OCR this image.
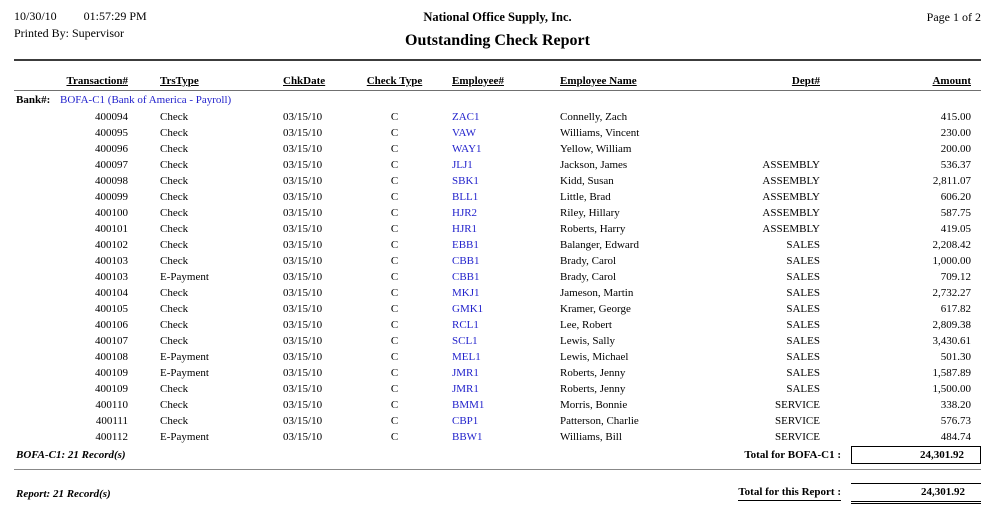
10/30/10 01:57:29 PM
Printed By: Supervisor
National Office Supply, Inc.
Outstanding Check Report
Page 1 of 2
Transaction#	TrsType	ChkDate	Check Type	Employee#	Employee Name	Dept#	Amount
Bank#: BOFA-C1 (Bank of America - Payroll)							
400094	Check	03/15/10	C	ZAC1	Connelly, Zach		415.00
400095	Check	03/15/10	C	VAW	Williams, Vincent		230.00
400096	Check	03/15/10	C	WAY1	Yellow, William		200.00
400097	Check	03/15/10	C	JLJ1	Jackson, James	ASSEMBLY	536.37
400098	Check	03/15/10	C	SBK1	Kidd, Susan	ASSEMBLY	2,811.07
400099	Check	03/15/10	C	BLL1	Little, Brad	ASSEMBLY	606.20
400100	Check	03/15/10	C	HJR2	Riley, Hillary	ASSEMBLY	587.75
400101	Check	03/15/10	C	HJR1	Roberts, Harry	ASSEMBLY	419.05
400102	Check	03/15/10	C	EBB1	Balanger, Edward	SALES	2,208.42
400103	Check	03/15/10	C	CBB1	Brady, Carol	SALES	1,000.00
400103	E-Payment	03/15/10	C	CBB1	Brady, Carol	SALES	709.12
400104	Check	03/15/10	C	MKJ1	Jameson, Martin	SALES	2,732.27
400105	Check	03/15/10	C	GMK1	Kramer, George	SALES	617.82
400106	Check	03/15/10	C	RCL1	Lee, Robert	SALES	2,809.38
400107	Check	03/15/10	C	SCL1	Lewis, Sally	SALES	3,430.61
400108	E-Payment	03/15/10	C	MEL1	Lewis, Michael	SALES	501.30
400109	E-Payment	03/15/10	C	JMR1	Roberts, Jenny	SALES	1,587.89
400109	Check	03/15/10	C	JMR1	Roberts, Jenny	SALES	1,500.00
400110	Check	03/15/10	C	BMM1	Morris, Bonnie	SERVICE	338.20
400111	Check	03/15/10	C	CBP1	Patterson, Charlie	SERVICE	576.73
400112	E-Payment	03/15/10	C	BBW1	Williams, Bill	SERVICE	484.74
BOFA-C1: 21 Record(s)	Total for BOFA-C1 :	24,301.92
Report: 21 Record(s)	Total for this Report :	24,301.92
